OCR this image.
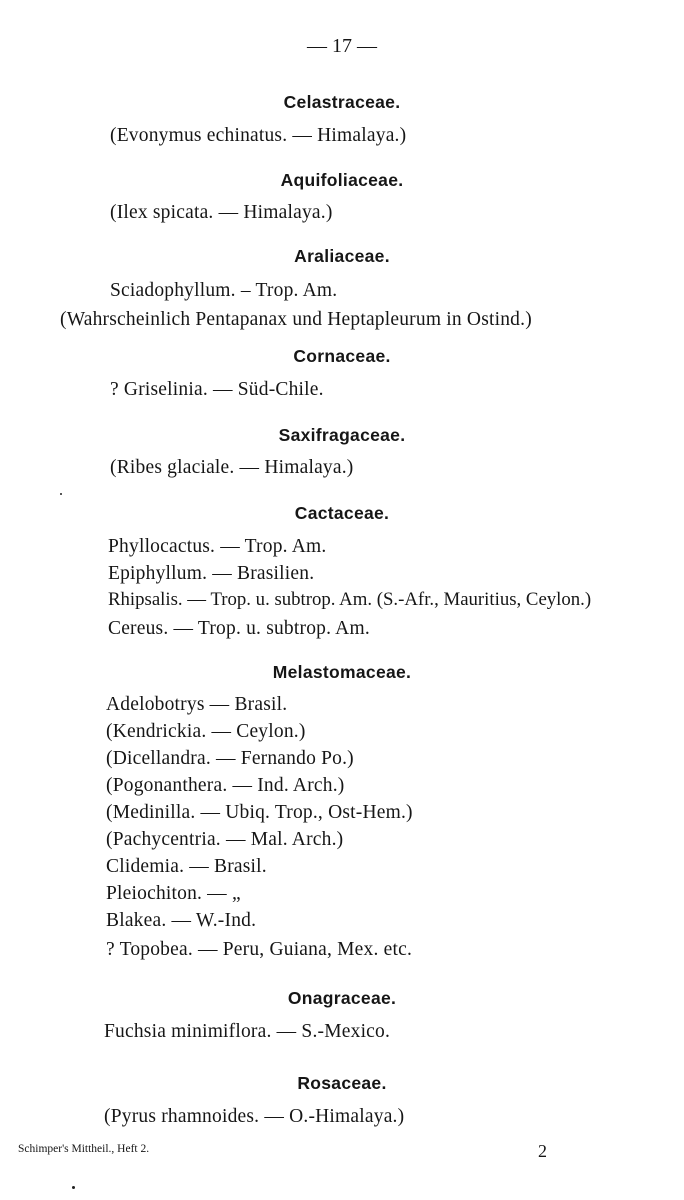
— 17 —
Celastraceae.
(Evonymus echinatus. — Himalaya.)
Aquifoliaceae.
(Ilex spicata. — Himalaya.)
Araliaceae.
Sciadophyllum. – Trop. Am.
(Wahrscheinlich Pentapanax und Heptapleurum in Ostind.)
Cornaceae.
? Griselinia. — Süd-Chile.
Saxifragaceae.
(Ribes glaciale. — Himalaya.)
Cactaceae.
Phyllocactus. — Trop. Am.
Epiphyllum. — Brasilien.
Rhipsalis. — Trop. u. subtrop. Am. (S.-Afr., Mauritius, Ceylon.)
Cereus. — Trop. u. subtrop. Am.
Melastomaceae.
Adelobotrys — Brasil.
(Kendrickia. — Ceylon.)
(Dicellandra. — Fernando Po.)
(Pogonanthera. — Ind. Arch.)
(Medinilla. — Ubiq. Trop., Ost-Hem.)
(Pachycentria. — Mal. Arch.)
Clidemia. — Brasil.
Pleiochiton. — „
Blakea. — W.-Ind.
? Topobea. — Peru, Guiana, Mex. etc.
Onagraceae.
Fuchsia minimiflora. — S.-Mexico.
Rosaceae.
(Pyrus rhamnoides. — O.-Himalaya.)
Schimper's Mittheil., Heft 2.	2
